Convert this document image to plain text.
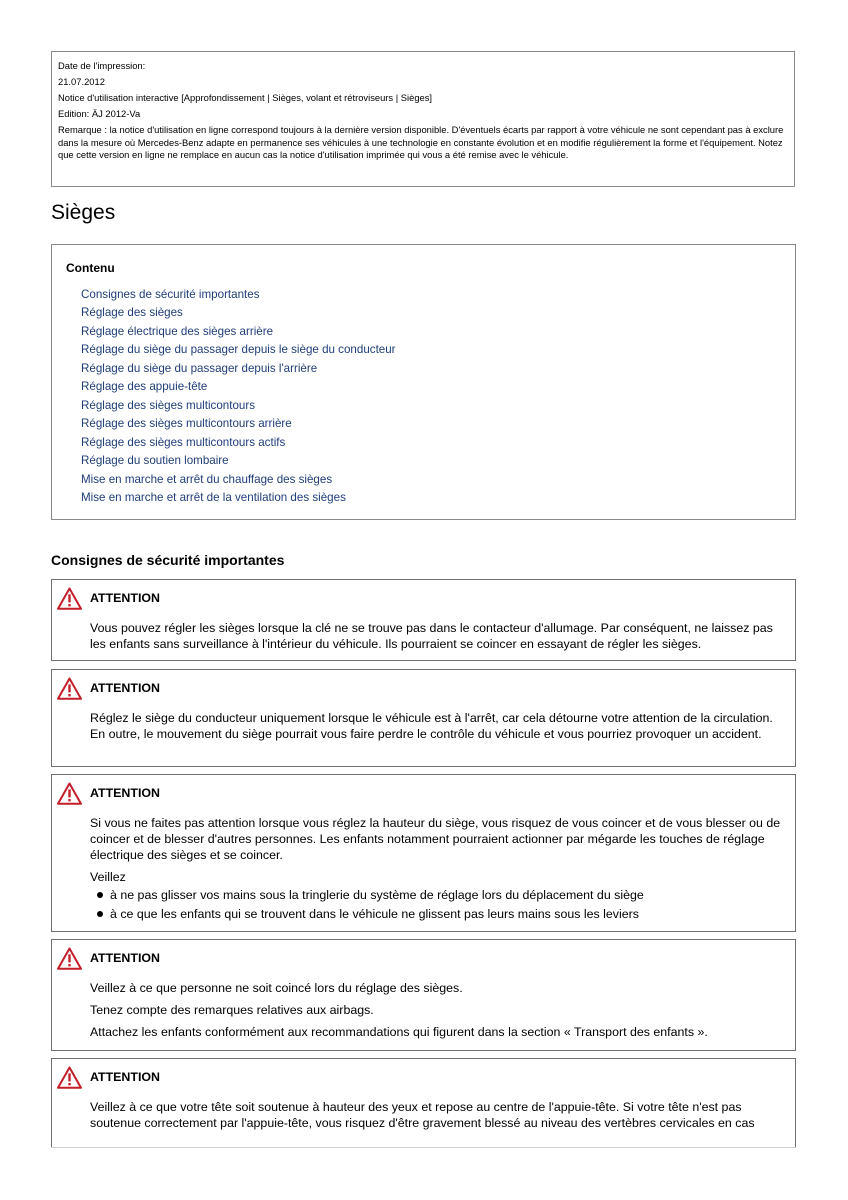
Date de l'impression:

21.07.2012

Notice d'utilisation interactive [Approfondissement | Sièges, volant et rétroviseurs | Sièges]

Edition: ÄJ 2012-Va

Remarque : la notice d'utilisation en ligne correspond toujours à la dernière version disponible. D'éventuels écarts par rapport à votre véhicule ne sont cependant pas à exclure dans la mesure où Mercedes-Benz adapte en permanence ses véhicules à une technologie en constante évolution et en modifie régulièrement la forme et l'équipement. Notez que cette version en ligne ne remplace en aucun cas la notice d'utilisation imprimée qui vous a été remise avec le véhicule.

Sièges
Contenu
Consignes de sécurité importantes
Réglage des sièges
Réglage électrique des sièges arrière
Réglage du siège du passager depuis le siège du conducteur
Réglage du siège du passager depuis l'arrière
Réglage des appuie-tête
Réglage des sièges multicontours
Réglage des sièges multicontours arrière
Réglage des sièges multicontours actifs
Réglage du soutien lombaire
Mise en marche et arrêt du chauffage des sièges
Mise en marche et arrêt de la ventilation des sièges
Consignes de sécurité importantes

ATTENTION

Vous pouvez régler les sièges lorsque la clé ne se trouve pas dans le contacteur d'allumage. Par conséquent, ne laissez pas les enfants sans surveillance à l'intérieur du véhicule. Ils pourraient se coincer en essayant de régler les sièges.

ATTENTION

Réglez le siège du conducteur uniquement lorsque le véhicule est à l'arrêt, car cela détourne votre attention de la circulation. En outre, le mouvement du siège pourrait vous faire perdre le contrôle du véhicule et vous pourriez provoquer un accident.

ATTENTION

Si vous ne faites pas attention lorsque vous réglez la hauteur du siège, vous risquez de vous coincer et de vous blesser ou de coincer et de blesser d'autres personnes. Les enfants notamment pourraient actionner par mégarde les touches de réglage électrique des sièges et se coincer.

Veillez

à ne pas glisser vos mains sous la tringlerie du système de réglage lors du déplacement du siège
à ce que les enfants qui se trouvent dans le véhicule ne glissent pas leurs mains sous les leviers

ATTENTION

Veillez à ce que personne ne soit coincé lors du réglage des sièges.

Tenez compte des remarques relatives aux airbags.

Attachez les enfants conformément aux recommandations qui figurent dans la section « Transport des enfants ».

ATTENTION

Veillez à ce que votre tête soit soutenue à hauteur des yeux et repose au centre de l'appuie-tête. Si votre tête n'est pas soutenue correctement par l'appuie-tête, vous risquez d'être gravement blessé au niveau des vertèbres cervicales en cas
